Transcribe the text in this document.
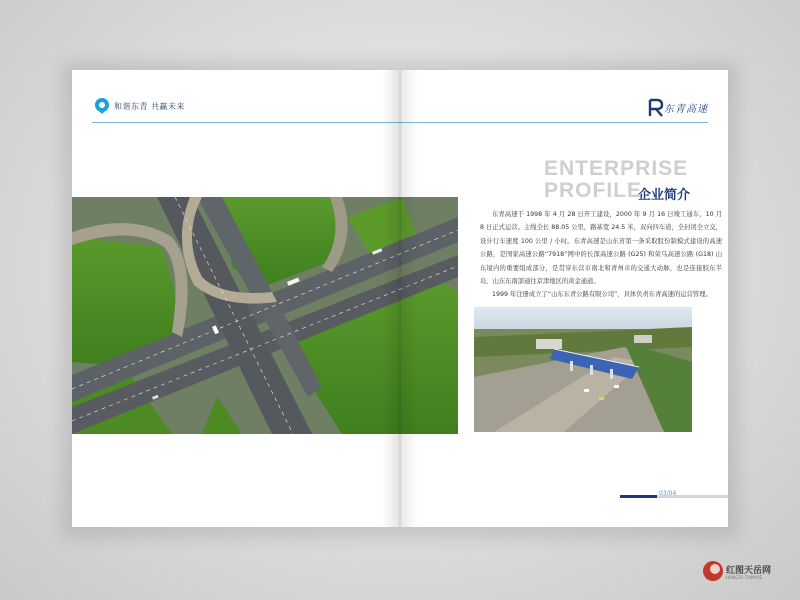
和谐东青 共赢未来	东青高速
ENTERPRISE
PROFILE
企业简介

东青高速于 1998 年 4 月 28 日开工建设，2000 年 9 月 16 日竣工通车，10 月 8 日正式运营。主线全长 88.05 公里，路基宽 24.5 米，双向四车道，全封闭全立交，设计行车速度 100 公里 / 小时。东青高速是山东省第一条采取股份制模式建设的高速公路，是国家高速公路“7918”网中的长深高速公路 (G25) 和荣乌高速公路 (G18) 山东境内的重要组成部分，是贯穿东营市南北和青州市的交通大动脉，也是连接胶东半岛、山东东南部通往京津地区的黄金通道。

1999 年注册成立了“山东东青公路有限公司”，具体负责东青高速的运营管理。

03/04
红图天岳网
HONGTU TIANYUE
